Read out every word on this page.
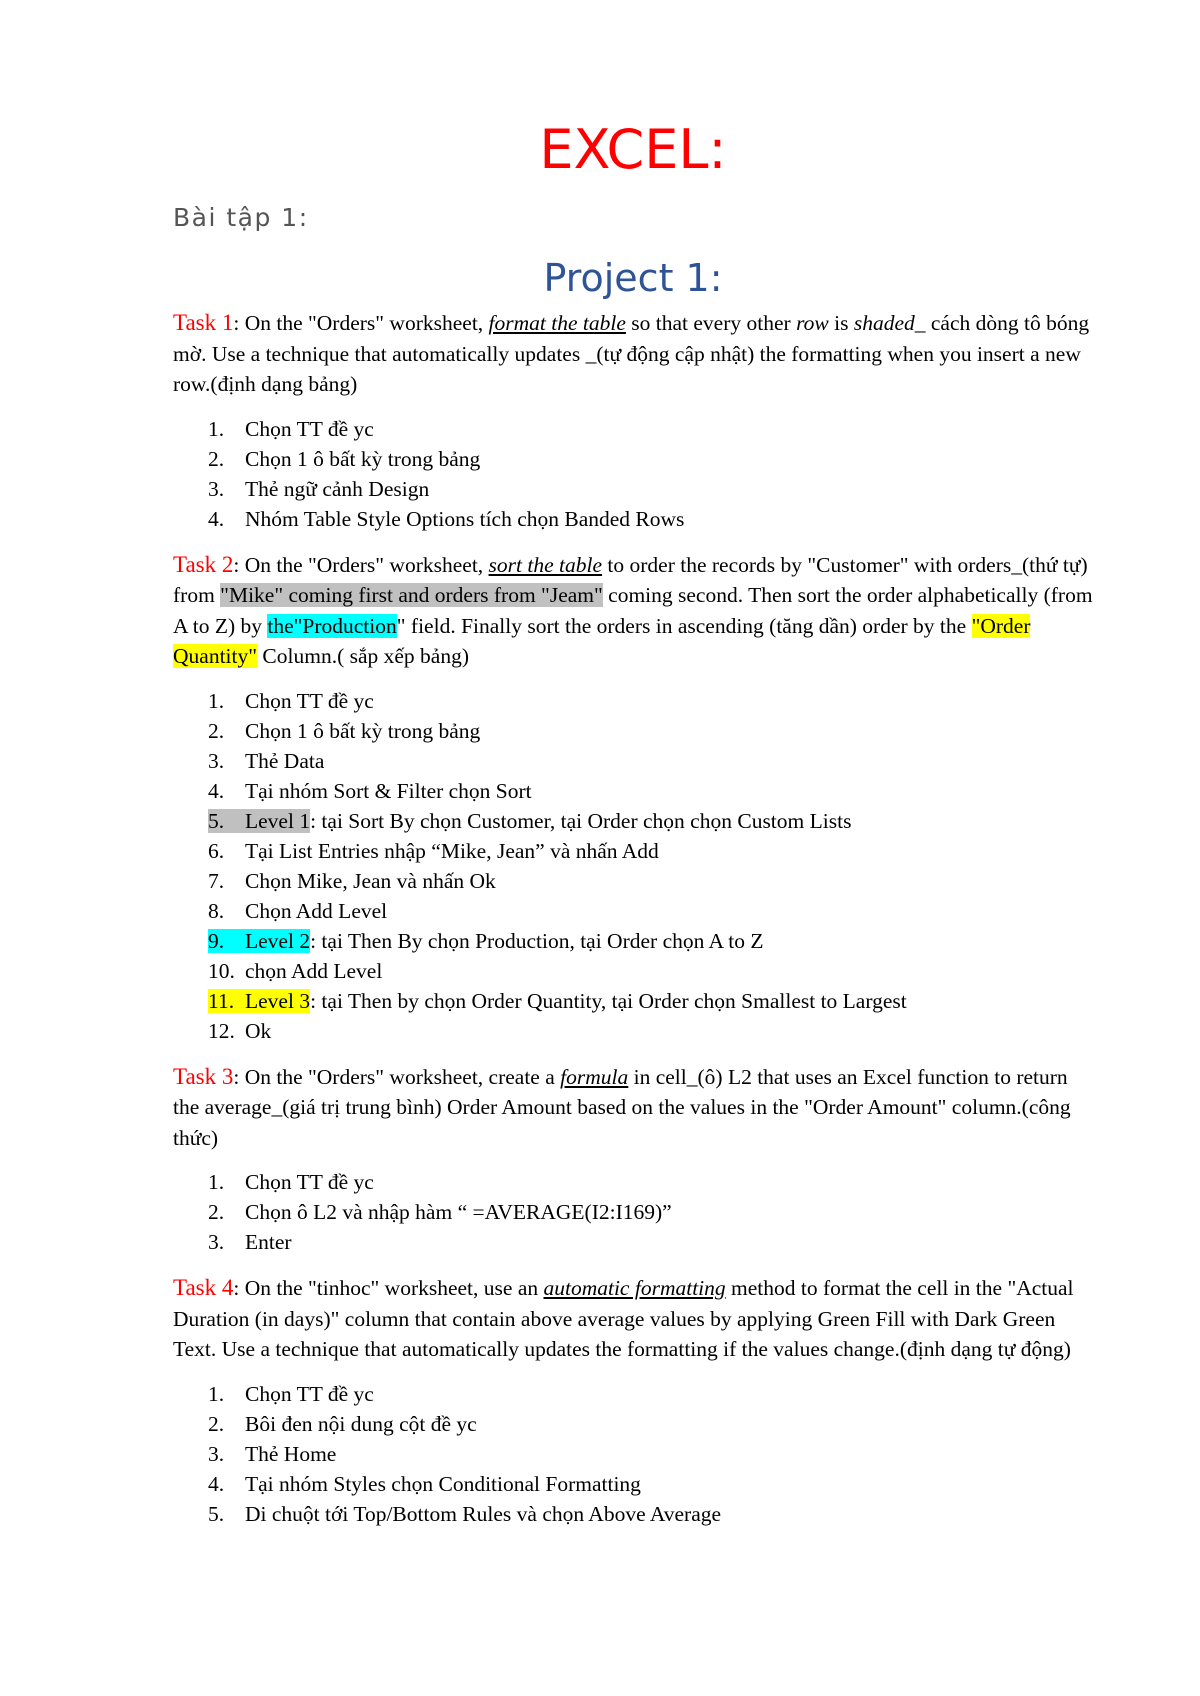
EXCEL:
Bài tập 1:
Project 1:

Task 1: On the "Orders" worksheet, format the table so that every other row is shaded_ cách dòng tô bóng mờ. Use a technique that automatically updates _(tự động cập nhật) the formatting when you insert a new row.(định dạng bảng)

1. Chọn TT đề yc
2. Chọn 1 ô bất kỳ trong bảng
3. Thẻ ngữ cảnh Design
4. Nhóm Table Style Options tích chọn Banded Rows

Task 2: On the "Orders" worksheet, sort the table to order the records by "Customer" with orders_(thứ tự) from "Mike" coming first and orders from "Jeam" coming second. Then sort the order alphabetically (from A to Z) by the"Production" field. Finally sort the orders in ascending (tăng dần) order by the "Order Quantity" Column.( sắp xếp bảng)

1. Chọn TT đề yc
2. Chọn 1 ô bất kỳ trong bảng
3. Thẻ Data
4. Tại nhóm Sort & Filter chọn Sort
5. Level 1: tại Sort By chọn Customer, tại Order chọn chọn Custom Lists
6. Tại List Entries nhập “Mike, Jean” và nhấn Add
7. Chọn Mike, Jean và nhấn Ok
8. Chọn Add Level
9. Level 2: tại Then By chọn Production, tại Order chọn A to Z
10. chọn Add Level
11. Level 3: tại Then by chọn Order Quantity, tại Order chọn Smallest to Largest
12. Ok

Task 3: On the "Orders" worksheet, create a formula in cell_(ô) L2 that uses an Excel function to return the average_(giá trị trung bình) Order Amount based on the values in the "Order Amount" column.(công thức)

1. Chọn TT đề yc
2. Chọn ô L2 và nhập hàm “ =AVERAGE(I2:I169)”
3. Enter

Task 4: On the "tinhoc" worksheet, use an automatic formatting method to format the cell in the "Actual Duration (in days)" column that contain above average values by applying Green Fill with Dark Green Text. Use a technique that automatically updates the formatting if the values change.(định dạng tự động)

1. Chọn TT đề yc
2. Bôi đen nội dung cột đề yc
3. Thẻ Home
4. Tại nhóm Styles chọn Conditional Formatting
5. Di chuột tới Top/Bottom Rules và chọn Above Average
